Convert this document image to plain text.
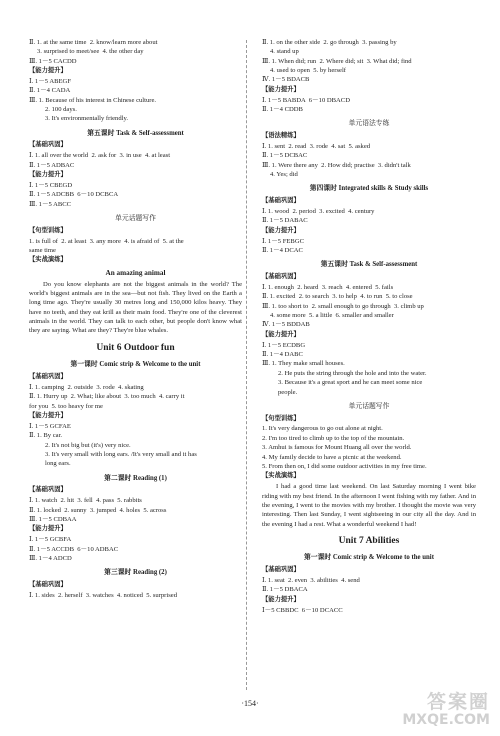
Ⅱ. 1. at the same time  2. know/learn more about

3. surprised to meet/see  4. the other day

Ⅲ. 1－5 CACDD

【能力提升】

Ⅰ. 1－5 ABEGF

Ⅱ. 1－4 CADA

Ⅲ. 1. Because of his interest in Chinese culture.

2. 100 days.

3. It's environmentally friendly.

第五课时 Task & Self-assessment
【基础巩固】

Ⅰ. 1. all over the world  2. ask for  3. in use  4. at least

Ⅱ. 1－5 ADBAC

【能力提升】

Ⅰ. 1－5 CBEGD

Ⅱ. 1－5 ADCBB  6－10 DCBCA

Ⅲ. 1－5 ABCC

单元话题写作
【句型训练】

1. is full of  2. at least  3. any more  4. is afraid of  5. at the

same time

【实战演练】
An amazing animal

Do you know elephants are not the biggest animals in the world? The world's biggest animals are in the sea—but not fish. They lived on the Earth a long time ago. They're usually 30 metres long and 150,000 kilos heavy. They have no teeth, and they eat krill as their main food. They're one of the cleverest animals in the world. They can talk to each other, but people don't know what they are saying. What are they? They're blue whales.

Unit 6 Outdoor fun
第一课时 Comic strip & Welcome to the unit
【基础巩固】

Ⅰ. 1. camping  2. outside  3. rode  4. skating

Ⅱ. 1. Hurry up  2. What; like about  3. too much  4. carry it

for you  5. too heavy for me

【能力提升】

Ⅰ. 1－5 GCFAE

Ⅱ. 1. By car.

2. It's not big but (it's) very nice.

3. It's very small with long ears. /It's very small and it has

long ears.

第二课时 Reading (1)
【基础巩固】

Ⅰ. 1. watch  2. hit  3. fell  4. pass  5. rabbits

Ⅱ. 1. locked  2. sunny  3. jumped  4. holes  5. across

Ⅲ. 1－5 CDBAA

【能力提升】

Ⅰ. 1－5 GCBFA

Ⅱ. 1－5 ACCDB  6－10 ADBAC

Ⅲ. 1－4 ADCD

第三课时 Reading (2)
【基础巩固】

Ⅰ. 1. sides  2. herself  3. watches  4. noticed  5. surprised

Ⅱ. 1. on the other side  2. go through  3. passing by

4. stand up

Ⅲ. 1. When did; run  2. Where did; sit  3. What did; find

4. used to open  5. by herself

Ⅳ. 1－5 BDACB

【能力提升】

Ⅰ. 1－5 BABDA  6－10 DBACD

Ⅱ. 1－4 CDDB

单元语法专练
【语法精练】

Ⅰ. 1. sent  2. read  3. rode  4. sat  5. asked

Ⅱ. 1－5 DCBAC

Ⅲ. 1. Were there any  2. How did; practise  3. didn't talk

4. Yes; did

第四课时 Integrated skills & Study skills
【基础巩固】

Ⅰ. 1. wood  2. period  3. excited  4. century

Ⅱ. 1－5 DABAC

【能力提升】

Ⅰ. 1－5 FEBGC

Ⅱ. 1－4 DCAC

第五课时 Task & Self-assessment
【基础巩固】

Ⅰ. 1. enough  2. heard  3. reach  4. entered  5. fails

Ⅱ. 1. excited  2. to search  3. to help  4. to run  5. to close

Ⅲ. 1. too short to  2. small enough to go through  3. climb up

4. some more  5. a little  6. smaller and smaller

Ⅳ. 1－5 BDDAB

【能力提升】

Ⅰ. 1－5 ECDBG

Ⅱ. 1－4 DABC

Ⅲ. 1. They make small houses.

2. He puts the string through the hole and into the water.

3. Because it's a great sport and he can meet some nice

people.

单元话题写作
【句型训练】

1. It's very dangerous to go out alone at night.

2. I'm too tired to climb up to the top of the mountain.

3. Amhui is famous for Mount Huang all over the world.

4. My family decide to have a picnic at the weekend.

5. From then on, I did some outdoor activities in my free time.

【实战演练】

I had a good time last weekend. On last Saturday morning I went bike riding with my best friend. In the afternoon I went fishing with my father. And in the evening, I went to the movies with my brother. I thought the movie was very interesting. Then last Sunday, I went sightseeing in our city all the day. And in the evening I had a rest. What a wonderful weekend I had!

Unit 7 Abilities
第一课时 Comic strip & Welcome to the unit
【基础巩固】

Ⅰ. 1. seat  2. even  3. abilities  4. send

Ⅱ. 1－5 DBACA

【能力提升】

Ⅰ－5 CBBDC  6－10 DCACC

·154·	答案圈
MXQE.COM
